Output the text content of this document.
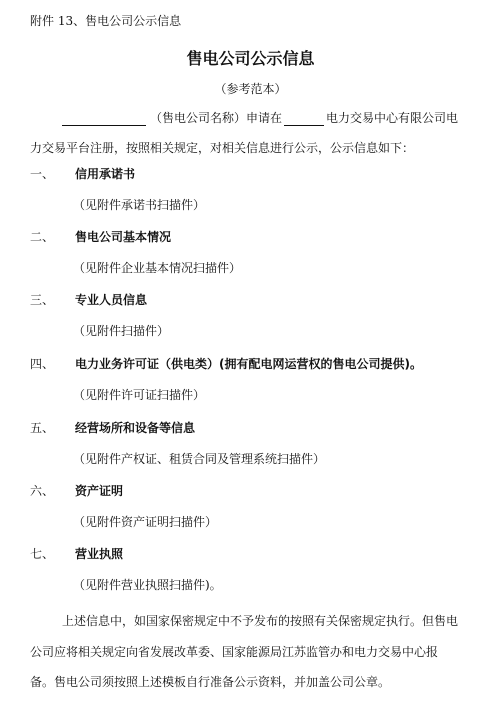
附件 13、售电公司公示信息
售电公司公示信息
（参考范本）
（售电公司名称）申请在	电力交易中心有限公司电
力交易平台注册，按照相关规定，对相关信息进行公示，公示信息如下：
一、 信用承诺书
（见附件承诺书扫描件）
二、 售电公司基本情况
（见附件企业基本情况扫描件）
三、 专业人员信息
（见附件扫描件）
四、 电力业务许可证（供电类）(拥有配电网运营权的售电公司提供)。
（见附件许可证扫描件）
五、 经营场所和设备等信息
（见附件产权证、租赁合同及管理系统扫描件）
六、 资产证明
（见附件资产证明扫描件）
七、 营业执照
（见附件营业执照扫描件)。
上述信息中，如国家保密规定中不予发布的按照有关保密规定执行。但售电
公司应将相关规定向省发展改革委、国家能源局江苏监管办和电力交易中心报
备。售电公司须按照上述模板自行准备公示资料，并加盖公司公章。
